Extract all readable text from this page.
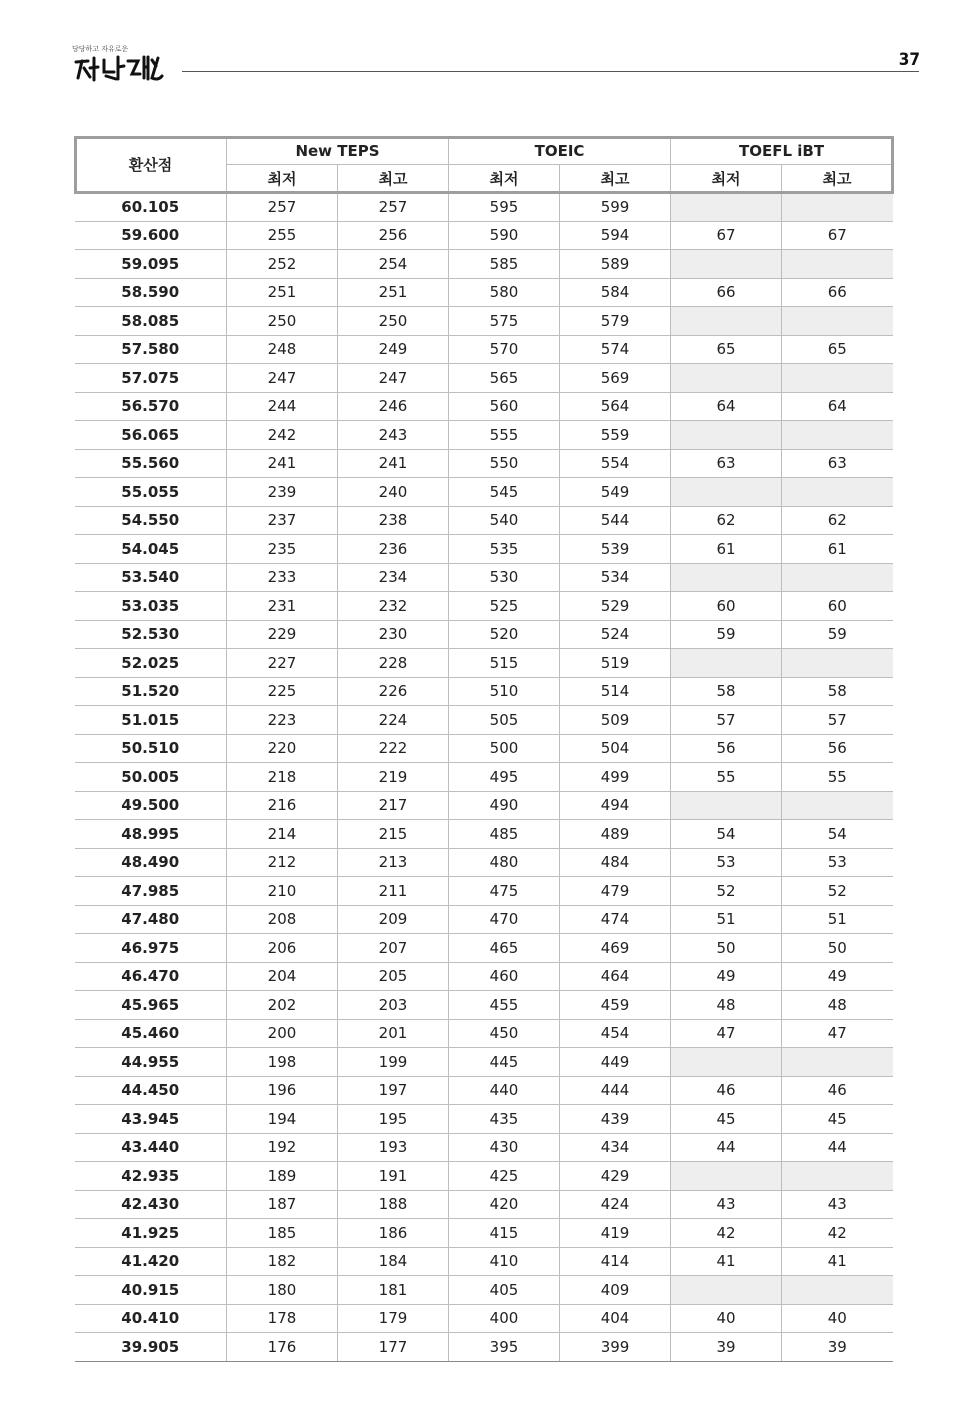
당당하고 자유로운
37
환산점	New TEPS		TOEIC		TOEFL iBT	
	최저	최고	최저	최고	최저	최고
60.105	257	257	595	599		
59.600	255	256	590	594	67	67
59.095	252	254	585	589		
58.590	251	251	580	584	66	66
58.085	250	250	575	579		
57.580	248	249	570	574	65	65
57.075	247	247	565	569		
56.570	244	246	560	564	64	64
56.065	242	243	555	559		
55.560	241	241	550	554	63	63
55.055	239	240	545	549		
54.550	237	238	540	544	62	62
54.045	235	236	535	539	61	61
53.540	233	234	530	534		
53.035	231	232	525	529	60	60
52.530	229	230	520	524	59	59
52.025	227	228	515	519		
51.520	225	226	510	514	58	58
51.015	223	224	505	509	57	57
50.510	220	222	500	504	56	56
50.005	218	219	495	499	55	55
49.500	216	217	490	494		
48.995	214	215	485	489	54	54
48.490	212	213	480	484	53	53
47.985	210	211	475	479	52	52
47.480	208	209	470	474	51	51
46.975	206	207	465	469	50	50
46.470	204	205	460	464	49	49
45.965	202	203	455	459	48	48
45.460	200	201	450	454	47	47
44.955	198	199	445	449		
44.450	196	197	440	444	46	46
43.945	194	195	435	439	45	45
43.440	192	193	430	434	44	44
42.935	189	191	425	429		
42.430	187	188	420	424	43	43
41.925	185	186	415	419	42	42
41.420	182	184	410	414	41	41
40.915	180	181	405	409		
40.410	178	179	400	404	40	40
39.905	176	177	395	399	39	39
